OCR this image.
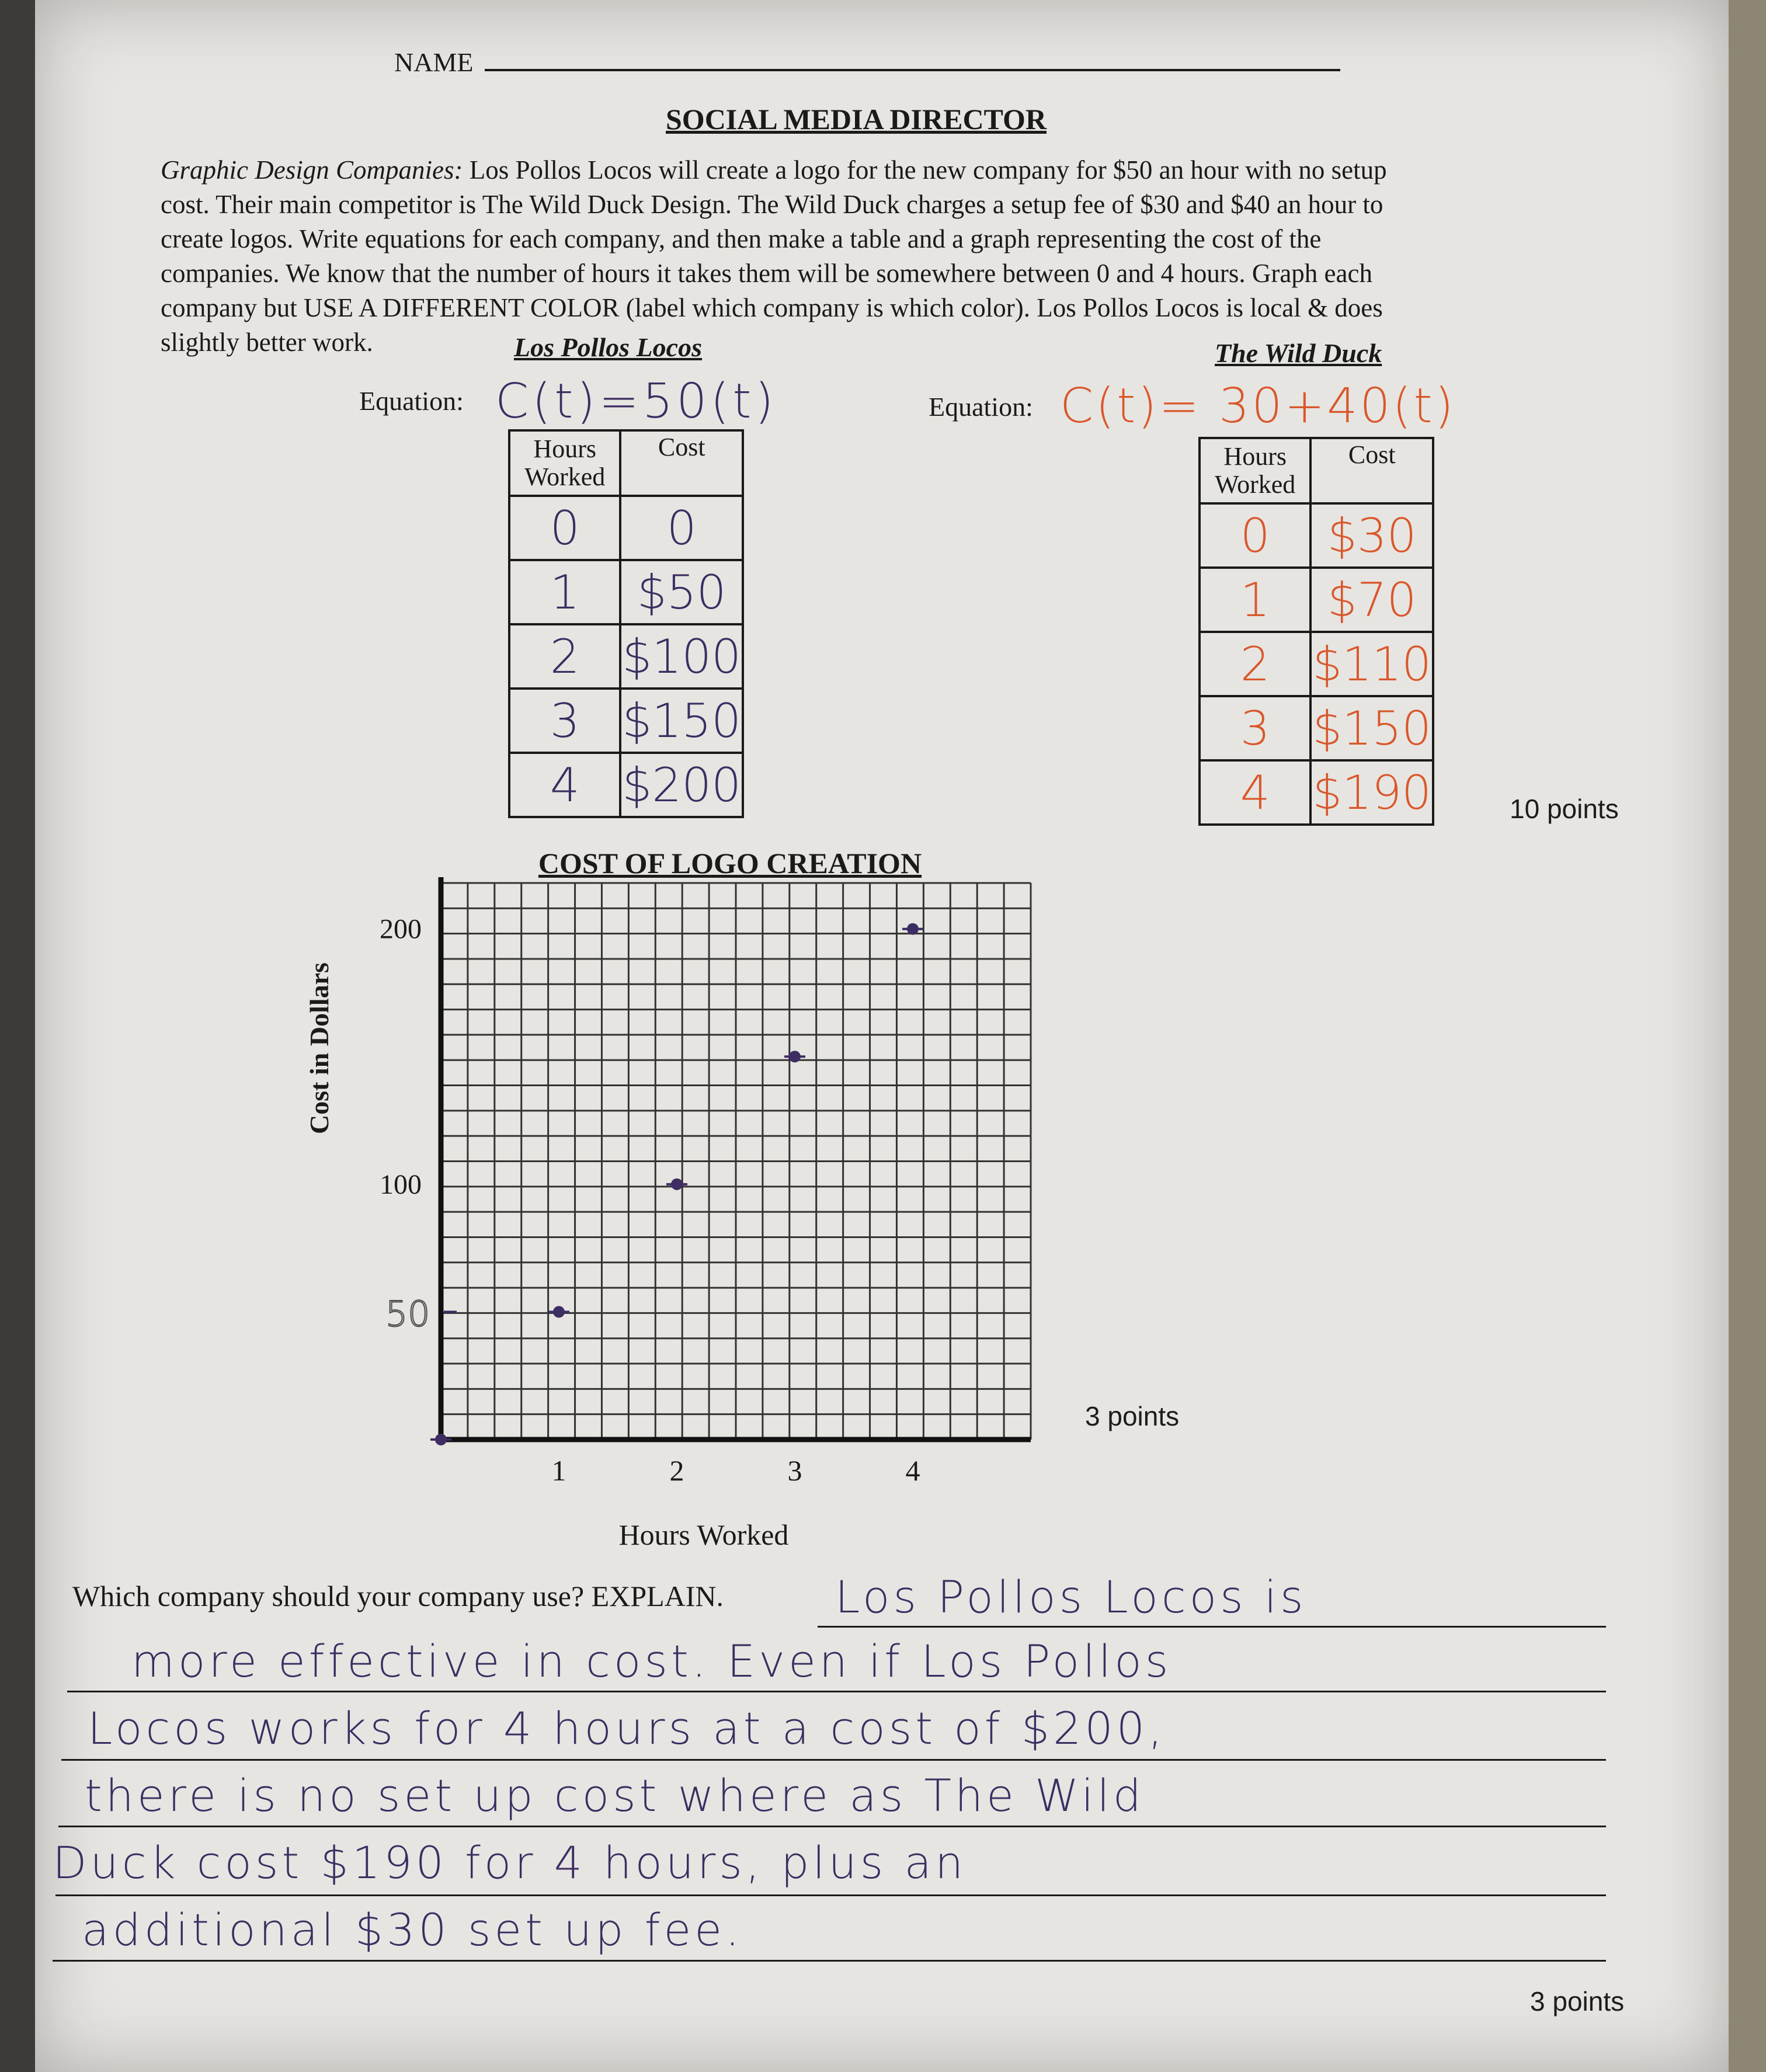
NAME
SOCIAL MEDIA DIRECTOR
Graphic Design Companies: Los Pollos Locos will create a logo for the new company for $50 an hour with no setup
cost. Their main competitor is The Wild Duck Design. The Wild Duck charges a setup fee of $30 and $40 an hour to
create logos. Write equations for each company, and then make a table and a graph representing the cost of the
companies. We know that the number of hours it takes them will be somewhere between 0 and 4 hours. Graph each
company but USE A DIFFERENT COLOR (label which company is which color). Los Pollos Locos is local & does
slightly better work.	Los Pollos Locos	The Wild Duck
Equation: C(t)=50(t)	Equation: C(t)= 30+40(t)
Hours
Worked	Cost
0	0
1	$50
2	$100
3	$150
4	$200
Hours
Worked	Cost
0	$30
1	$70
2	$110
3	$150
4	$190	10 points
COST OF LOGO CREATION
1	2	3	4
200
100
50
Hours Worked
Cost in Dollars
3 points
Which company should your company use? EXPLAIN.	Los Pollos Locos is
more effective in cost. Even if Los Pollos
Locos works for 4 hours at a cost of $200,
there is no set up cost where as The Wild
Duck cost $190 for 4 hours, plus an
additional $30 set up fee.
3 points
